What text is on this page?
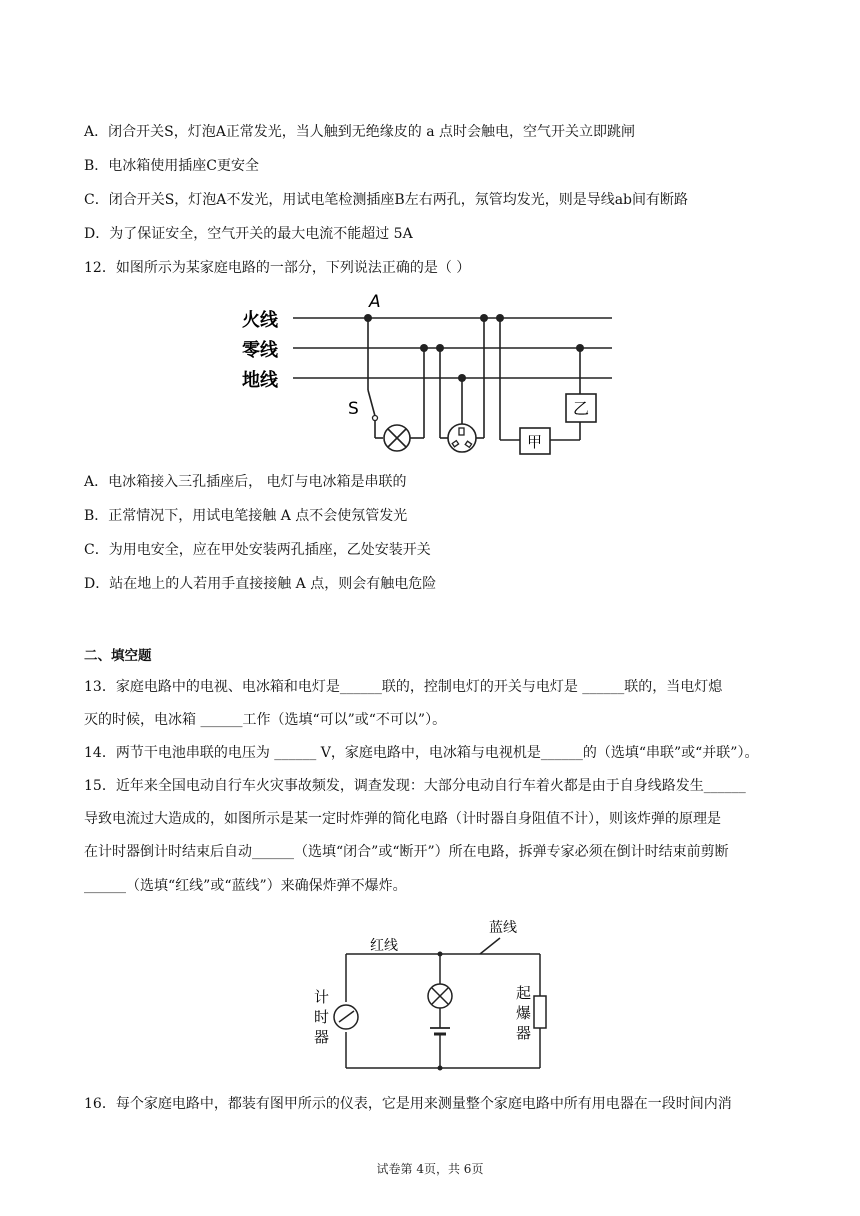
A．闭合开关S，灯泡A正常发光，当人触到无绝缘皮的 a 点时会触电，空气开关立即跳闸
B．电冰箱使用插座C更安全
C．闭合开关S，灯泡A不发光，用试电笔检测插座B左右两孔，氖管均发光，则是导线ab间有断路
D．为了保证安全，空气开关的最大电流不能超过 5A
12．如图所示为某家庭电路的一部分，下列说法正确的是（ ）
火线
零线
地线
A
S
甲
乙
A．电冰箱接入三孔插座后， 电灯与电冰箱是串联的
B．正常情况下，用试电笔接触 A 点不会使氖管发光
C．为用电安全，应在甲处安装两孔插座，乙处安装开关
D．站在地上的人若用手直接接触 A 点，则会有触电危险
二、填空题
13．家庭电路中的电视、电冰箱和电灯是______联的，控制电灯的开关与电灯是 ______联的，当电灯熄
灭的时候，电冰箱 ______工作（选填“可以”或“不可以”）。
14．两节干电池串联的电压为 ______ V，家庭电路中，电冰箱与电视机是______的（选填“串联”或“并联”）。
15．近年来全国电动自行车火灾事故频发，调查发现：大部分电动自行车着火都是由于自身线路发生______
导致电流过大造成的，如图所示是某一定时炸弹的简化电路（计时器自身阻值不计），则该炸弹的原理是
在计时器倒计时结束后自动______（选填“闭合”或“断开”）所在电路，拆弹专家必须在倒计时结束前剪断
______（选填“红线”或“蓝线”）来确保炸弹不爆炸。
红线
蓝线
计
时
器
起
爆
器
16．每个家庭电路中，都装有图甲所示的仪表，它是用来测量整个家庭电路中所有用电器在一段时间内消
试卷第 4页，共 6页
